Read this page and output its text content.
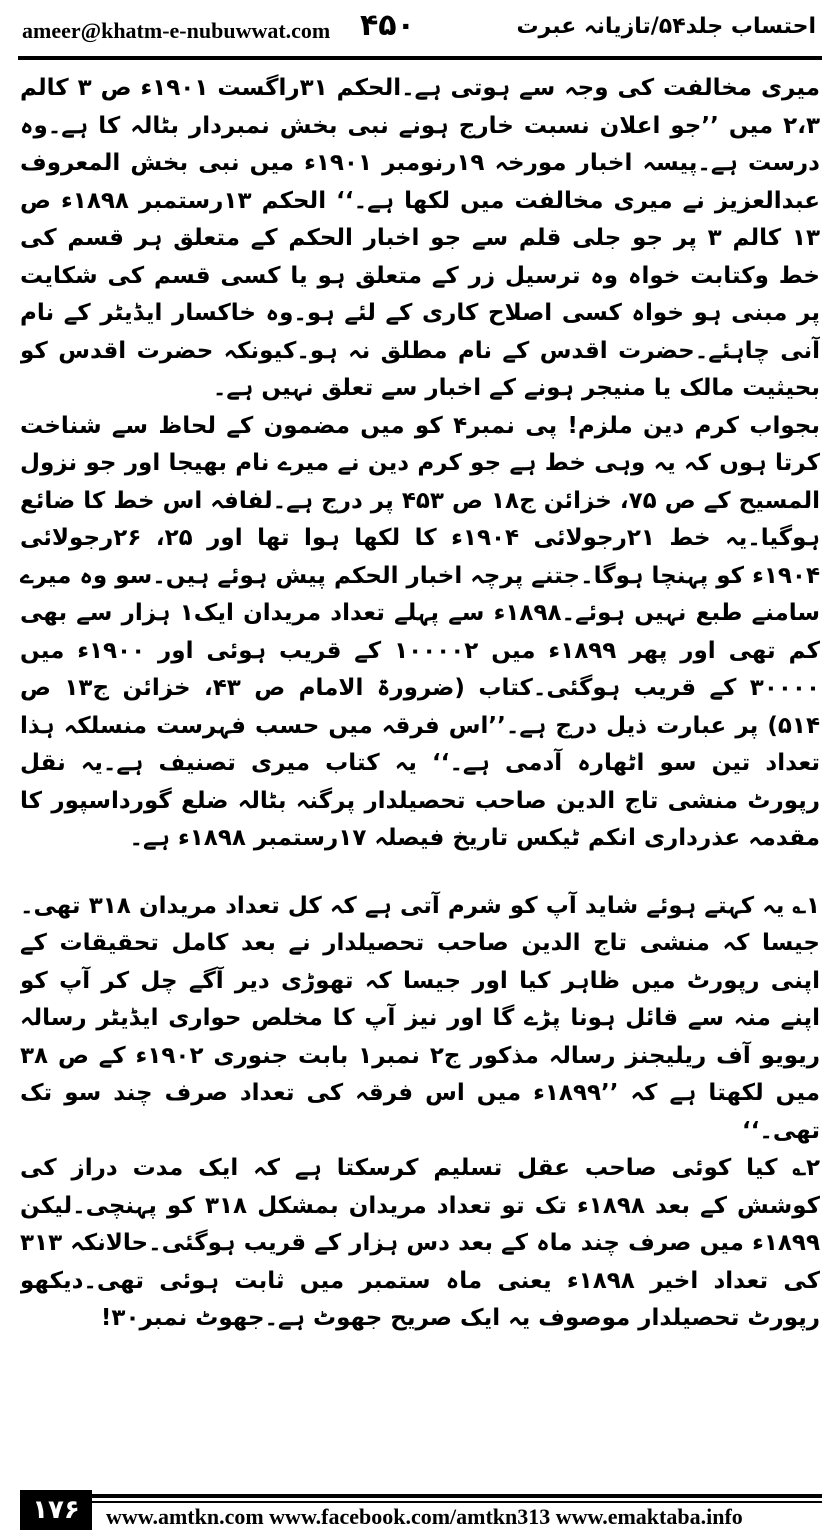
ameer@khatm-e-nubuwwat.com ۴۵۰	احتساب جلد۵۴/تازیانہ عبرت

میری مخالفت کی وجہ سے ہوتی ہے۔الحکم ۳۱راگست ۱۹۰۱ء ص ۳ کالم ۲،۳ میں ’’جو اعلان نسبت خارج ہونے نبی بخش نمبردار بٹالہ کا ہے۔وہ درست ہے۔پیسہ اخبار مورخہ ۱۹رنومبر ۱۹۰۱ء میں نبی بخش المعروف عبدالعزیز نے میری مخالفت میں لکھا ہے۔‘‘ الحکم ۱۳رستمبر ۱۸۹۸ء ص ۱۳ کالم ۳ پر جو جلی قلم سے جو اخبار الحکم کے متعلق ہر قسم کی خط وکتابت خواہ وہ ترسیل زر کے متعلق ہو یا کسی قسم کی شکایت پر مبنی ہو خواہ کسی اصلاح کاری کے لئے ہو۔وہ خاکسار ایڈیٹر کے نام آنی چاہئے۔حضرت اقدس کے نام مطلق نہ ہو۔کیونکہ حضرت اقدس کو بحیثیت مالک یا منیجر ہونے کے اخبار سے تعلق نہیں ہے۔

بجواب کرم دین ملزم! پی نمبر۴ کو میں مضمون کے لحاظ سے شناخت کرتا ہوں کہ یہ وہی خط ہے جو کرم دین نے میرے نام بھیجا اور جو نزول المسیح کے ص ۷۵، خزائن ج۱۸ ص ۴۵۳ پر درج ہے۔لفافہ اس خط کا ضائع ہوگیا۔یہ خط ۲۱رجولائی ۱۹۰۴ء کا لکھا ہوا تھا اور ۲۵، ۲۶رجولائی ۱۹۰۴ء کو پہنچا ہوگا۔جتنے پرچہ اخبار الحکم پیش ہوئے ہیں۔سو وہ میرے سامنے طبع نہیں ہوئے۔۱۸۹۸ء سے پہلے تعداد مریدان ایک۱ ہزار سے بھی کم تھی اور پھر ۱۸۹۹ء میں ۱۰۰۰۰۲ کے قریب ہوئی اور ۱۹۰۰ء میں ۳۰۰۰۰ کے قریب ہوگئی۔کتاب (ضرورۃ الامام ص ۴۳، خزائن ج۱۳ ص ۵۱۴) پر عبارت ذیل درج ہے۔’’اس فرقہ میں حسب فہرست منسلکہ ہذا تعداد تین سو اٹھارہ آدمی ہے۔‘‘ یہ کتاب میری تصنیف ہے۔یہ نقل رپورٹ منشی تاج الدین صاحب تحصیلدار پرگنہ بٹالہ ضلع گورداسپور کا مقدمہ عذرداری انکم ٹیکس تاریخ فیصلہ ۱۷رستمبر ۱۸۹۸ء ہے۔

۱؎ یہ کہتے ہوئے شاید آپ کو شرم آتی ہے کہ کل تعداد مریدان ۳۱۸ تھی۔جیسا کہ منشی تاج الدین صاحب تحصیلدار نے بعد کامل تحقیقات کے اپنی رپورٹ میں ظاہر کیا اور جیسا کہ تھوڑی دیر آگے چل کر آپ کو اپنے منہ سے قائل ہونا پڑے گا اور نیز آپ کا مخلص حواری ایڈیٹر رسالہ ریویو آف ریلیجنز رسالہ مذکور ج۲ نمبر۱ بابت جنوری ۱۹۰۲ء کے ص ۳۸ میں لکھتا ہے کہ ’’۱۸۹۹ء میں اس فرقہ کی تعداد صرف چند سو تک تھی۔‘‘

۲؎ کیا کوئی صاحب عقل تسلیم کرسکتا ہے کہ ایک مدت دراز کی کوشش کے بعد ۱۸۹۸ء تک تو تعداد مریدان بمشکل ۳۱۸ کو پہنچی۔لیکن ۱۸۹۹ء میں صرف چند ماہ کے بعد دس ہزار کے قریب ہوگئی۔حالانکہ ۳۱۳ کی تعداد اخیر ۱۸۹۸ء یعنی ماہ ستمبر میں ثابت ہوئی تھی۔دیکھو رپورٹ تحصیلدار موصوف یہ ایک صریح جھوٹ ہے۔جھوٹ نمبر۳۰!

۱۷۶	www.amtkn.com www.facebook.com/amtkn313 www.emaktaba.info
